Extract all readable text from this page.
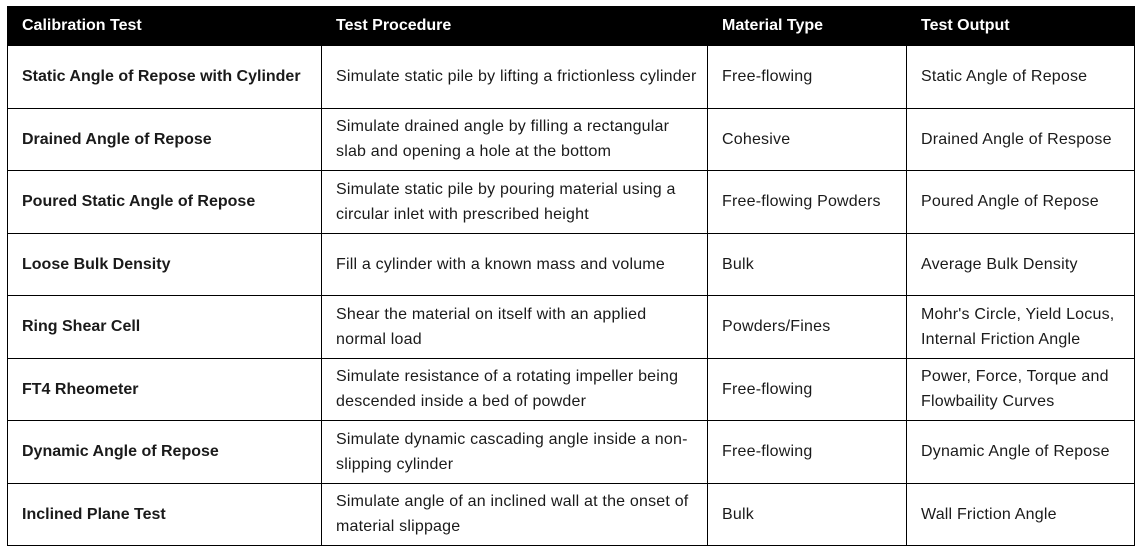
Calibration Test	Test Procedure	Material Type	Test Output
Static Angle of Repose with Cylinder	Simulate static pile by lifting a frictionless cylinder	Free-flowing	Static Angle of Repose
Drained Angle of Repose	Simulate drained angle by filling a rectangular slab and opening a hole at the bottom	Cohesive	Drained Angle of Respose
Poured Static Angle of Repose	Simulate static pile by pouring material using a circular inlet with prescribed height	Free-flowing Powders	Poured Angle of Repose
Loose Bulk Density	Fill a cylinder with a known mass and volume	Bulk	Average Bulk Density
Ring Shear Cell	Shear the material on itself with an applied normal load	Powders/Fines	Mohr's Circle, Yield Locus, Internal Friction Angle
FT4 Rheometer	Simulate resistance of a rotating impeller being descended inside a bed of powder	Free-flowing	Power, Force, Torque and Flowbaility Curves
Dynamic Angle of Repose	Simulate dynamic cascading angle inside a non-slipping cylinder	Free-flowing	Dynamic Angle of Repose
Inclined Plane Test	Simulate angle of an inclined wall at the onset of material slippage	Bulk	Wall Friction Angle
